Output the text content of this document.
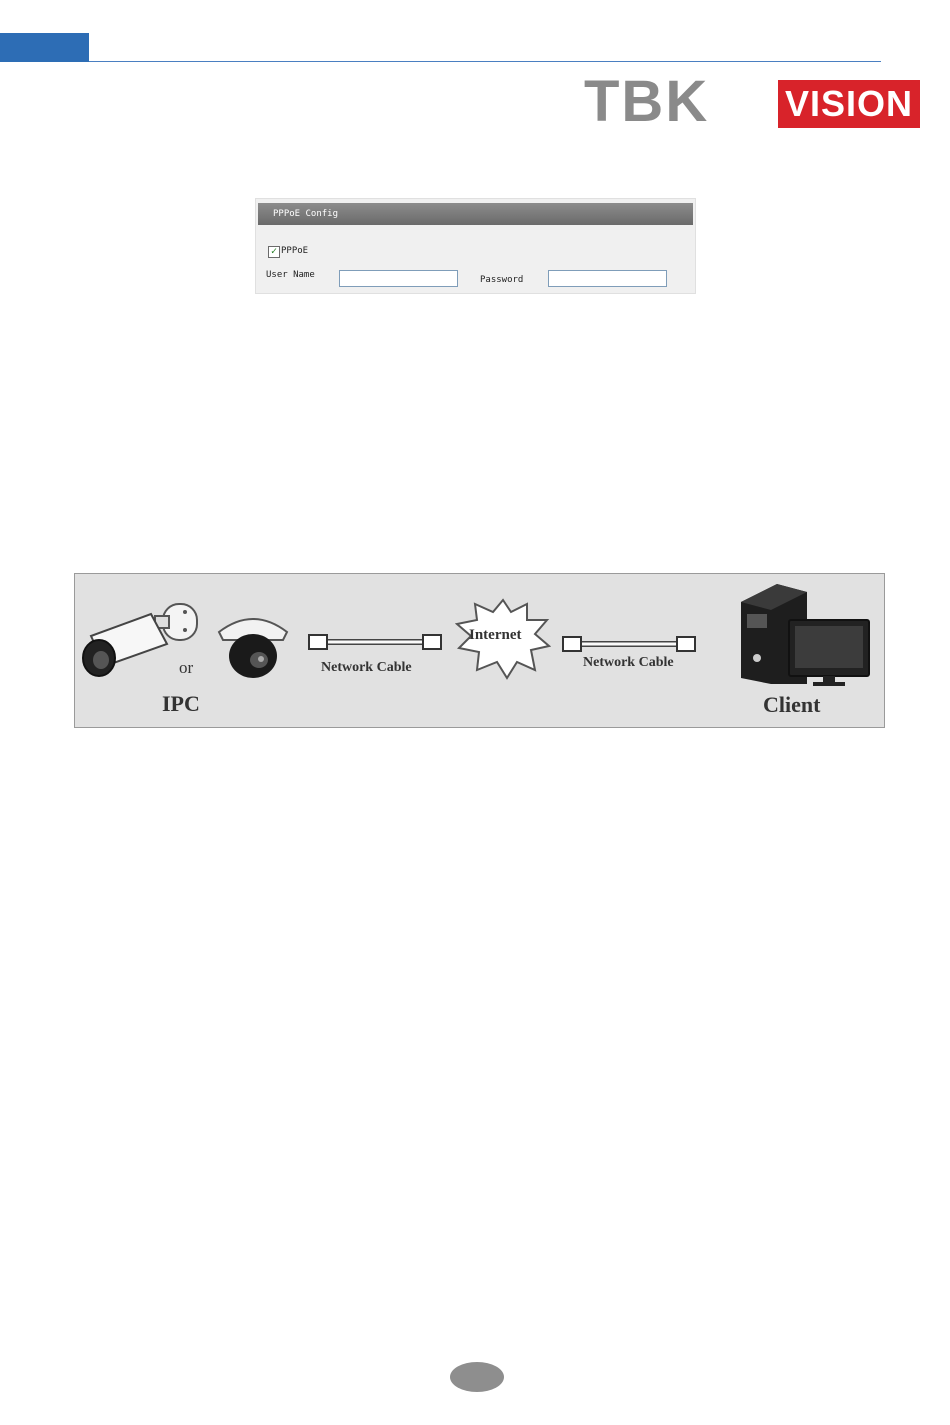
TBK VISION
PPPoE Config
✓ PPPoE
User Name	Password
or
IPC
Network Cable
Internet
Network Cable
Client
